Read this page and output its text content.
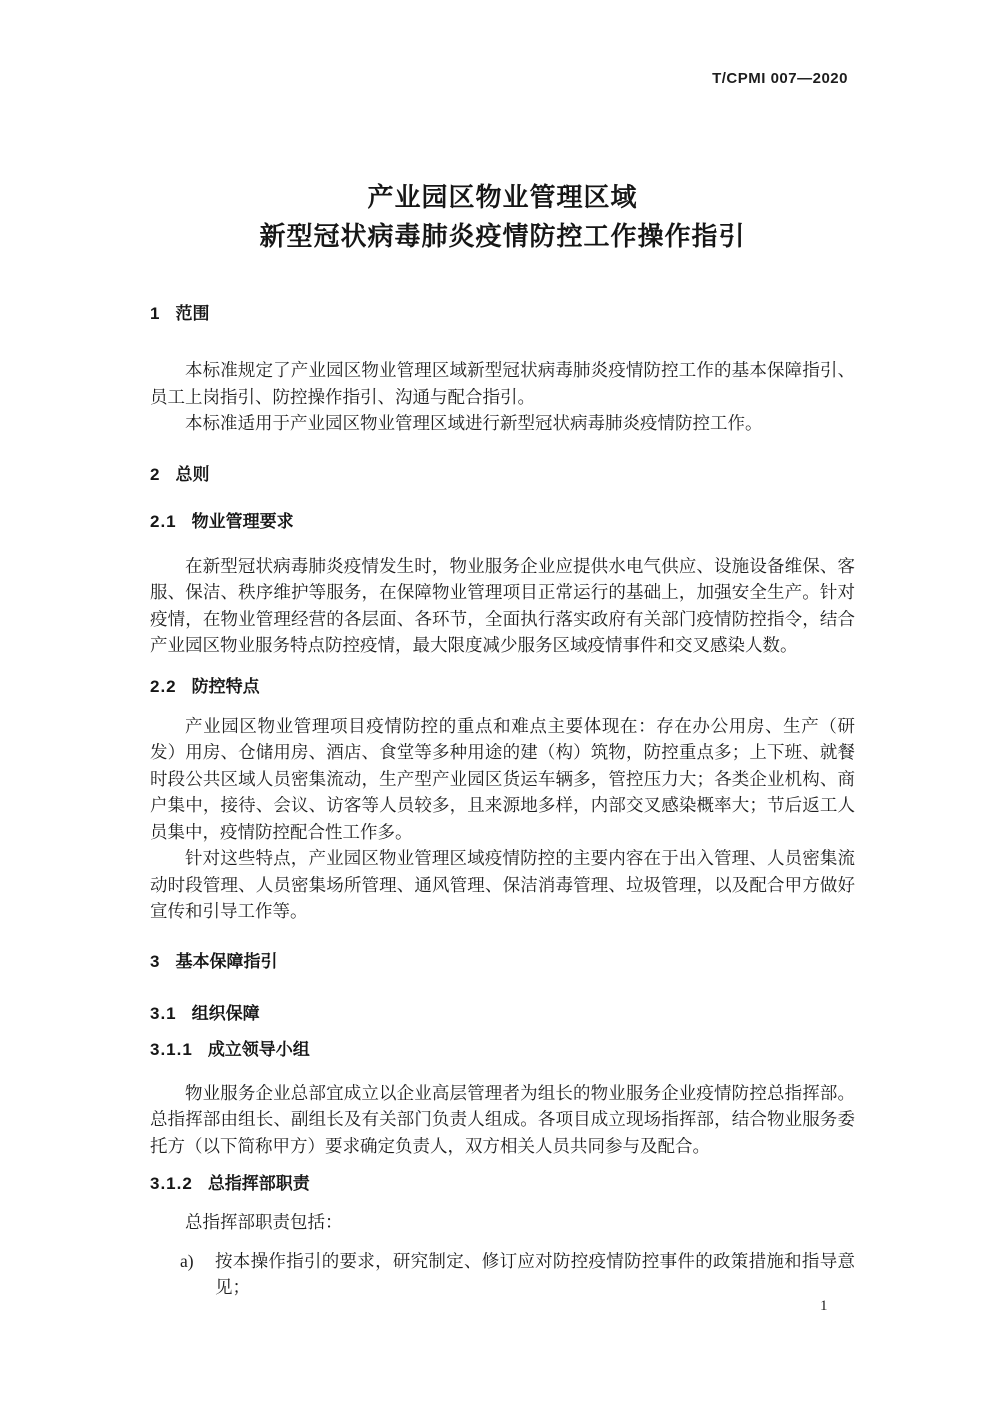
T/CPMI 007—2020
产业园区物业管理区域
新型冠状病毒肺炎疫情防控工作操作指引
1 范围

本标准规定了产业园区物业管理区域新型冠状病毒肺炎疫情防控工作的基本保障指引、员工上岗指引、防控操作指引、沟通与配合指引。

本标准适用于产业园区物业管理区域进行新型冠状病毒肺炎疫情防控工作。

2 总则
2.1 物业管理要求

在新型冠状病毒肺炎疫情发生时，物业服务企业应提供水电气供应、设施设备维保、客服、保洁、秩序维护等服务，在保障物业管理项目正常运行的基础上，加强安全生产。针对疫情，在物业管理经营的各层面、各环节，全面执行落实政府有关部门疫情防控指令，结合产业园区物业服务特点防控疫情，最大限度减少服务区域疫情事件和交叉感染人数。

2.2 防控特点

产业园区物业管理项目疫情防控的重点和难点主要体现在：存在办公用房、生产（研发）用房、仓储用房、酒店、食堂等多种用途的建（构）筑物，防控重点多；上下班、就餐时段公共区域人员密集流动，生产型产业园区货运车辆多，管控压力大；各类企业机构、商户集中，接待、会议、访客等人员较多，且来源地多样，内部交叉感染概率大；节后返工人员集中，疫情防控配合性工作多。

针对这些特点，产业园区物业管理区域疫情防控的主要内容在于出入管理、人员密集流动时段管理、人员密集场所管理、通风管理、保洁消毒管理、垃圾管理，以及配合甲方做好宣传和引导工作等。

3 基本保障指引
3.1 组织保障
3.1.1 成立领导小组

物业服务企业总部宜成立以企业高层管理者为组长的物业服务企业疫情防控总指挥部。总指挥部由组长、副组长及有关部门负责人组成。各项目成立现场指挥部，结合物业服务委托方（以下简称甲方）要求确定负责人，双方相关人员共同参与及配合。

3.1.2 总指挥部职责

总指挥部职责包括：

a) 按本操作指引的要求，研究制定、修订应对防控疫情防控事件的政策措施和指导意见；
1
